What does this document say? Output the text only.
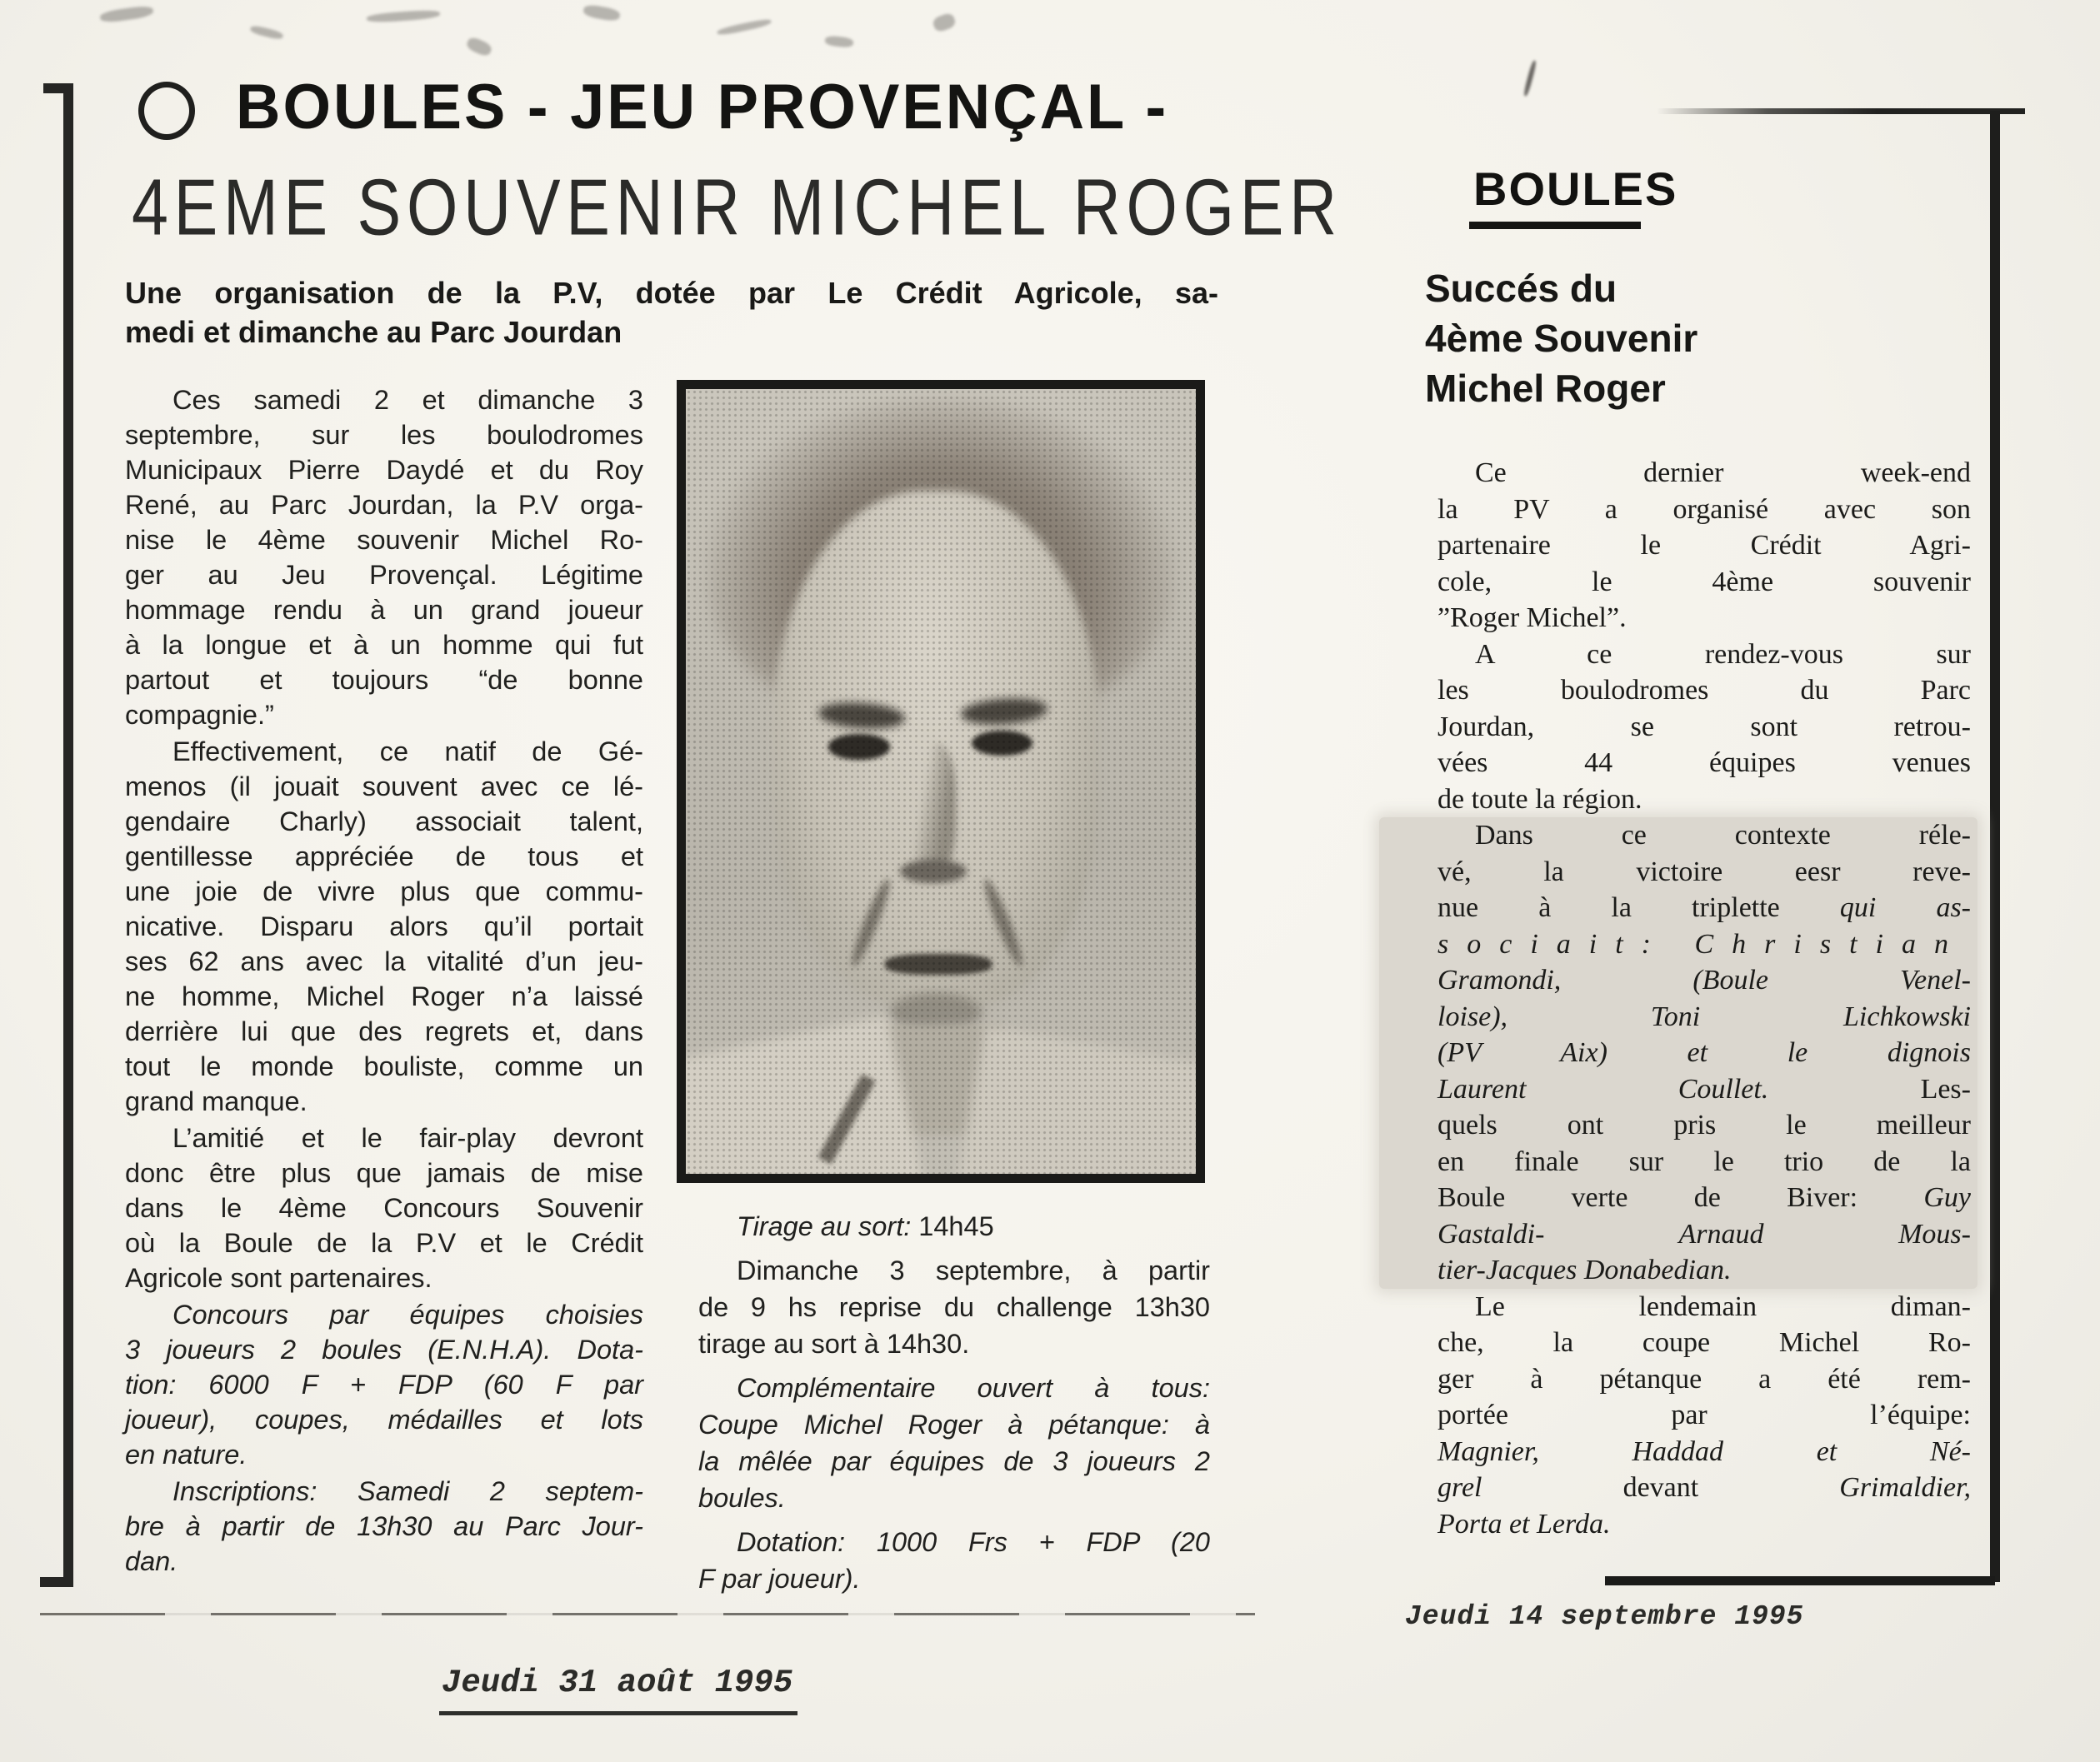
BOULES - JEU PROVENÇAL -
4EME SOUVENIR MICHEL ROGER
Une organisation de la P.V, dotée par Le Crédit Agricole, sa-
medi et dimanche au Parc Jourdan
Ces samedi 2 et dimanche 3
septembre, sur les boulodromes
Municipaux Pierre Daydé et du Roy
René, au Parc Jourdan, la P.V orga-
nise le 4ème souvenir Michel Ro-
ger au Jeu Provençal. Légitime
hommage rendu à un grand joueur
à la longue et à un homme qui fut
partout et toujours “de bonne
compagnie.”
Effectivement, ce natif de Gé-
menos (il jouait souvent avec ce lé-
gendaire Charly) associait talent,
gentillesse appréciée de tous et
une joie de vivre plus que commu-
nicative. Disparu alors qu’il portait
ses 62 ans avec la vitalité d’un jeu-
ne homme, Michel Roger n’a laissé
derrière lui que des regrets et, dans
tout le monde bouliste, comme un
grand manque.
L’amitié et le fair-play devront
donc être plus que jamais de mise
dans le 4ème Concours Souvenir
où la Boule de la P.V et le Crédit
Agricole sont partenaires.
Concours par équipes choisies
3 joueurs 2 boules (E.N.H.A). Dota-
tion: 6000 F + FDP (60 F par
joueur), coupes, médailles et lots
en nature.
Inscriptions: Samedi 2 septem-
bre à partir de 13h30 au Parc Jour-
dan.
Tirage au sort: 14h45
Dimanche 3 septembre, à partir
de 9 hs reprise du challenge 13h30
tirage au sort à 14h30.
Complémentaire ouvert à tous:
Coupe Michel Roger à pétanque: à
la mêlée par équipes de 3 joueurs 2
boules.
Dotation: 1000 Frs + FDP (20
F par joueur).
Jeudi 31 août 1995
BOULES
Succés du
4ème Souvenir
Michel Roger
Ce dernier week-end
la PV a organisé avec son
partenaire le Crédit Agri-
cole, le 4ème souvenir
”Roger Michel”.
A ce rendez-vous sur
les boulodromes du Parc
Jourdan, se sont retrou-
vées 44 équipes venues
de toute la région.
Dans ce contexte réle-
vé, la victoire eesr reve-
nue à la triplette qui as-
sociait: Christian
Gramondi, (Boule Venel-
loise), Toni Lichkowski
(PV Aix) et le dignois
Laurent Coullet. Les-
quels ont pris le meilleur
en finale sur le trio de la
Boule verte de Biver: Guy
Gastaldi- Arnaud Mous-
tier-Jacques Donabedian.
Le lendemain diman-
che, la coupe Michel Ro-
ger à pétanque a été rem-
portée par l’équipe:
Magnier, Haddad et Né-
grel devant Grimaldier,
Porta et Lerda.
Jeudi 14 septembre 1995
